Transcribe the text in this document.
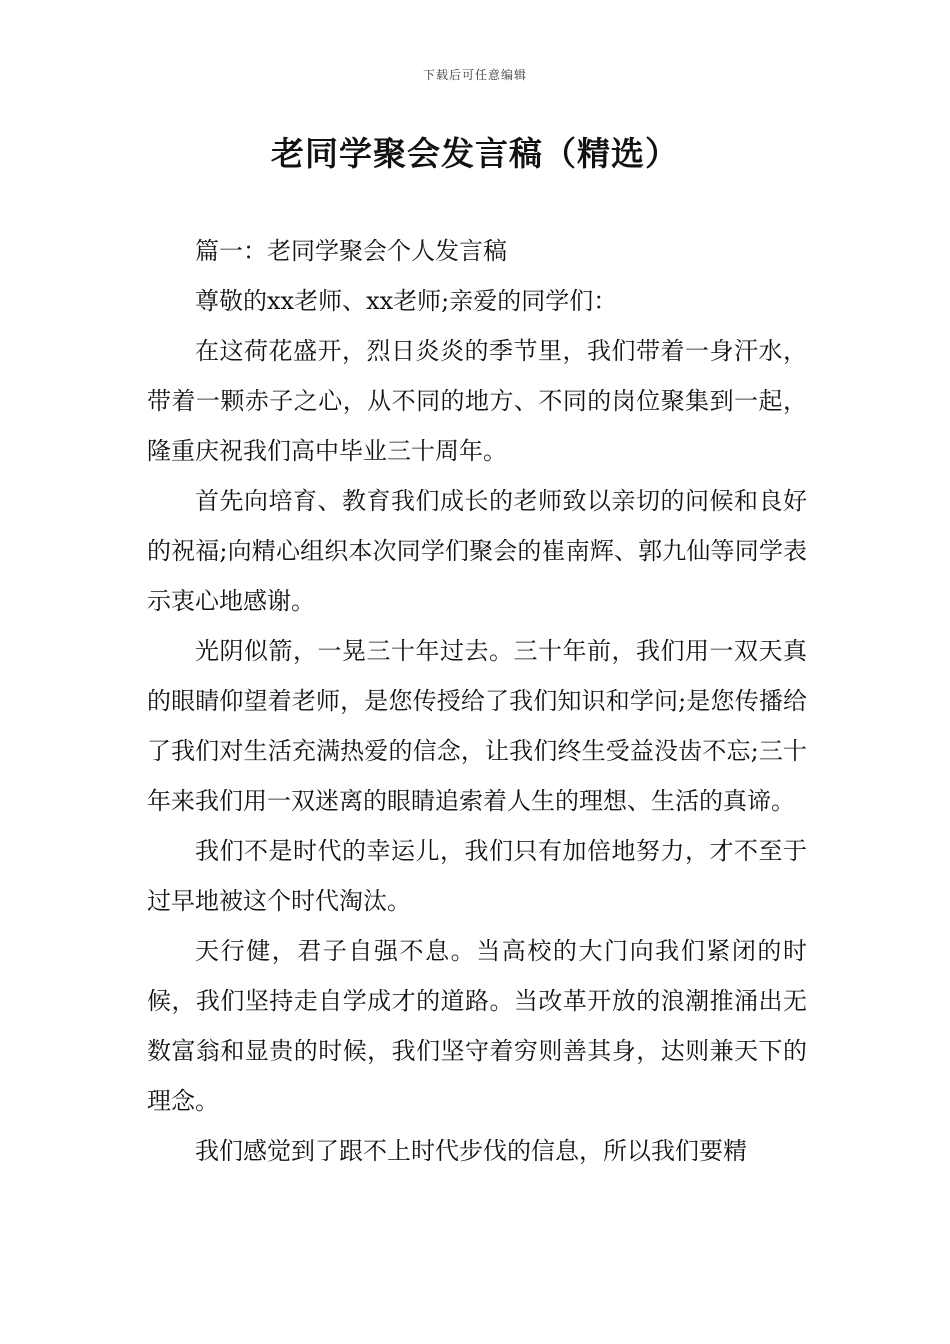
下载后可任意编辑
老同学聚会发言稿（精选）

篇一：老同学聚会个人发言稿

尊敬的xx老师、xx老师;亲爱的同学们：

在这荷花盛开，烈日炎炎的季节里，我们带着一身汗水，带着一颗赤子之心，从不同的地方、不同的岗位聚集到一起，隆重庆祝我们高中毕业三十周年。

首先向培育、教育我们成长的老师致以亲切的问候和良好的祝福;向精心组织本次同学们聚会的崔南辉、郭九仙等同学表示衷心地感谢。

光阴似箭，一晃三十年过去。三十年前，我们用一双天真的眼睛仰望着老师，是您传授给了我们知识和学问;是您传播给了我们对生活充满热爱的信念，让我们终生受益没齿不忘;三十年来我们用一双迷离的眼睛追索着人生的理想、生活的真谛。

我们不是时代的幸运儿，我们只有加倍地努力，才不至于过早地被这个时代淘汰。

天行健，君子自强不息。当高校的大门向我们紧闭的时候，我们坚持走自学成才的道路。当改革开放的浪潮推涌出无数富翁和显贵的时候，我们坚守着穷则善其身，达则兼天下的理念。

我们感觉到了跟不上时代步伐的信息，所以我们要精
